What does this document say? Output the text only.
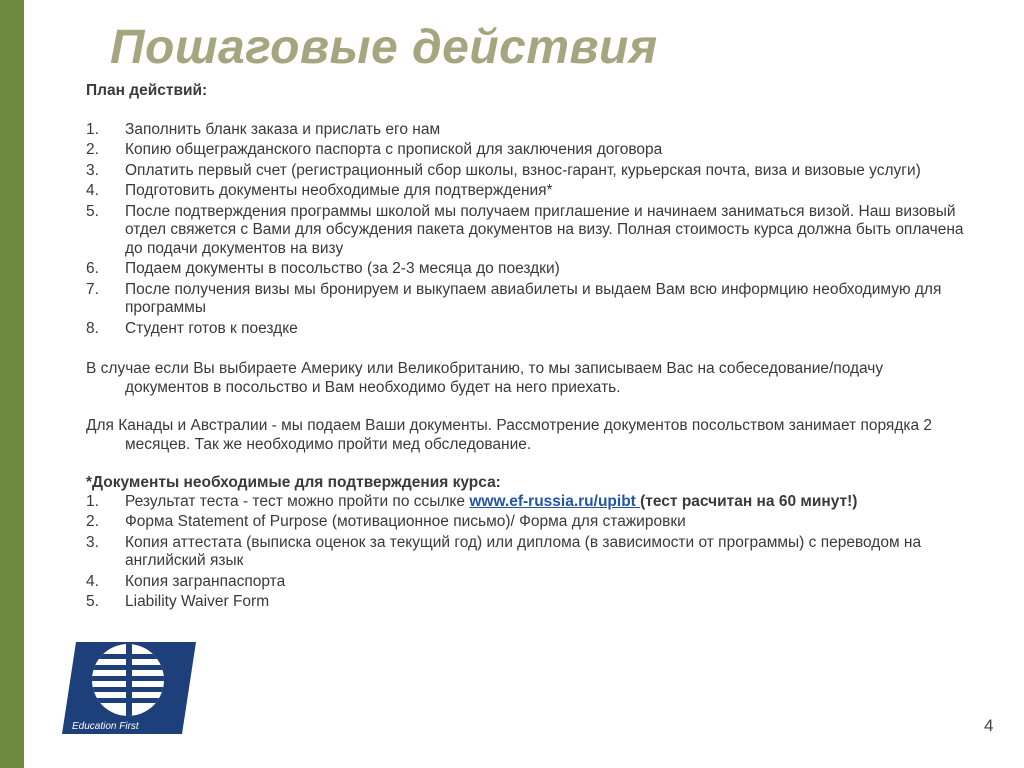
Пошаговые действия

План действий:

1. Заполнить бланк заказа и прислать его нам
2. Копию общегражданского паспорта с пропиской для заключения договора
3. Оплатить первый счет (регистрационный сбор школы, взнос-гарант, курьерская почта, виза и визовые услуги)
4. Подготовить документы необходимые для подтверждения*
5. После подтверждения программы школой мы получаем приглашение и начинаем заниматься визой. Наш визовый отдел свяжется с Вами для обсуждения пакета документов на визу. Полная стоимость курса должна быть оплачена до подачи документов на визу
6. Подаем документы в посольство (за 2-3 месяца до поездки)
7. После получения визы мы бронируем и выкупаем авиабилеты и выдаем Вам всю информцию необходимую для программы
8. Студент готов к поездке

В случае если Вы выбираете Америку или Великобританию, то мы записываем Вас на собеседование/подачу документов в посольство и Вам необходимо будет на него приехать.

Для Канады и Австралии - мы подаем Ваши документы. Рассмотрение документов посольством занимает порядка 2 месяцев. Так же необходимо пройти мед обследование.

*Документы необходимые для подтверждения курса:

1. Результат теста - тест можно пройти по ссылке www.ef-russia.ru/upibt (тест расчитан на 60 минут!)
2. Форма Statement of Purpose (мотивационное письмо)/ Форма для стажировки
3. Копия аттестата (выписка оценок за текущий год) или диплома (в зависимости от программы) с переводом на английский язык
4. Копия загранпаспорта
5. Liability Waiver Form
Education First	4
